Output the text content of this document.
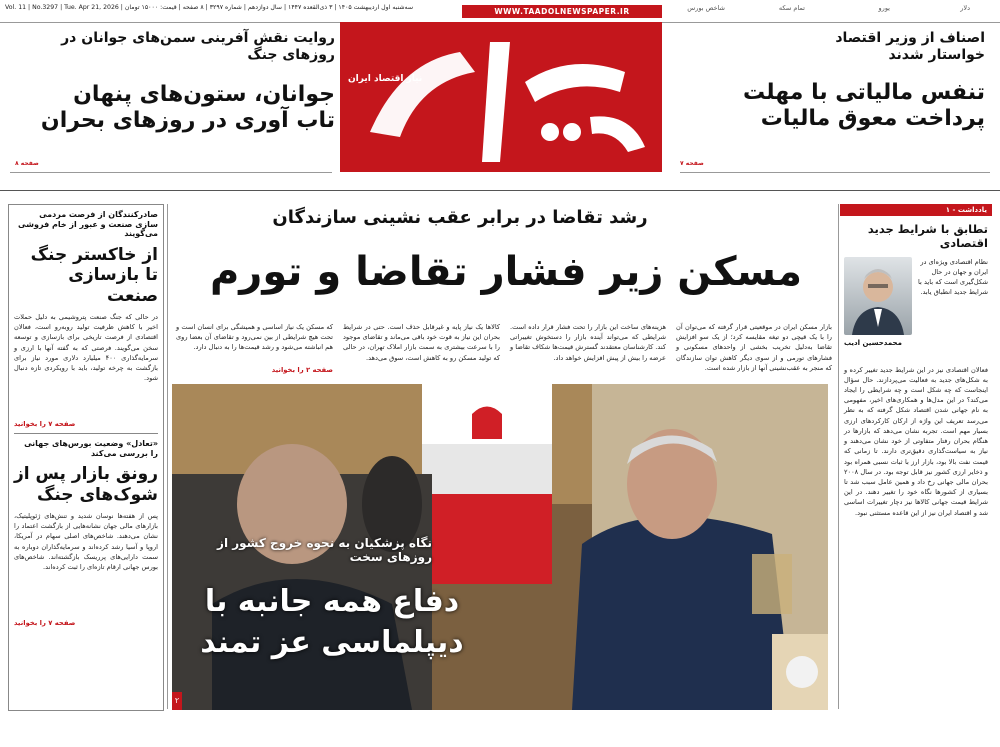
دلار
یورو
تمام سکه
شاخص بورس
Vol. 11 | No.3297 | Tue. Apr 21, 2026 | سه‌شنبه اول اردیبهشت ۱۴۰۵ | ۳ ذی‌القعده ۱۴۴۷ | سال دوازدهم | شماره ۳۲۹۷ | ۸ صفحه | قیمت: ۱۵۰۰۰ تومان	WWW.TAADOLNEWSPAPER.IR
نیاز اقتصاد ایران
اصناف از وزیر اقتصاد خواستار شدند
تنفس مالیاتی با مهلت پرداخت معوق مالیات
صفحه ۷
روایت نقش آفرینی سمن‌های جوانان در روزهای جنگ
جوانان، ستون‌های پنهان تاب آوری در روزهای بحران
صفحه ۸
یادداشت - ۱
تطابق با شرایط جدید اقتصادی
نظام اقتصادی ویژه‌ای در ایران و جهان در حال شکل‌گیری است که باید با شرایط جدید انطباق یابد.
محمدحسین ادیب
فعالان اقتصادی نیز در این شرایط جدید تغییر کرده و به شکل‌های جدید به فعالیت می‌پردازند. حال سؤال اینجاست که چه شکل است و چه شرایطی را ایجاد می‌کند؟ در این مدل‌ها و همکاری‌های اخیر، مفهومی به نام جهانی شدن اقتصاد شکل گرفته که به نظر می‌رسد تعریف این واژه از ارکان کارکردهای ارزی بسیار مهم است. تجربه نشان می‌دهد که بازارها در هنگام بحران رفتار متفاوتی از خود نشان می‌دهند و نیاز به سیاست‌گذاری دقیق‌تری دارند. تا زمانی که قیمت نفت بالا بود، بازار ارز با ثبات نسبی همراه بود و ذخایر ارزی کشور نیز قابل توجه بود. در سال ۲۰۰۸ بحران مالی جهانی رخ داد و همین عامل سبب شد تا بسیاری از کشورها نگاه خود را تغییر دهند. در این شرایط قیمت جهانی کالاها نیز دچار تغییرات اساسی شد و اقتصاد ایران نیز از این قاعده مستثنی نبود.
رشد تقاضا در برابر عقب نشینی سازندگان
مسکن زیر فشار تقاضا و تورم
بازار مسکن ایران در موقعیتی قرار گرفته که می‌توان آن را با یک قیچی دو تیغه مقایسه کرد؛ از یک سو افزایش تقاضا به‌دلیل تخریب بخشی از واحدهای مسکونی و فشارهای تورمی و از سوی دیگر کاهش توان سازندگان که منجر به عقب‌نشینی آنها از بازار شده است.
هزینه‌های ساخت این بازار را تحت فشار قرار داده است. شرایطی که می‌تواند آینده بازار را دستخوش تغییراتی کند. کارشناسان معتقدند گسترش قیمت‌ها شکاف تقاضا و عرضه را بیش از پیش افزایش خواهد داد.
کالاها یک نیاز پایه و غیرقابل حذف است. حتی در شرایط بحران این نیاز به قوت خود باقی می‌ماند و تقاضای موجود را با سرعت بیشتری به سمت بازار املاک تهران، در حالی که تولید مسکن رو به کاهش است، سوق می‌دهد.
که مسکن یک نیاز اساسی و همیشگی برای انسان است و تحت هیچ شرایطی از بین نمی‌رود و تقاضای آن بعضا روی هم انباشته می‌شود و رشد قیمت‌ها را به دنبال دارد.
صفحه ۲ را بخوانید
نگاه پزشکیان به نحوه خروج کشور از روزهای سخت
دفاع همه جانبه با دیپلماسی عز تمند
۲
صادرکنندگان از فرصت مردمی سازی صنعت و عبور از خام فروشی می‌گویند
از خاکستر جنگ تا بازسازی صنعت
در حالی که جنگ صنعت پتروشیمی به دلیل حملات اخیر با کاهش ظرفیت تولید روبه‌رو است، فعالان اقتصادی از فرصت تاریخی برای بازسازی و توسعه سخن می‌گویند. فرصتی که به گفته آنها با ارزی و سرمایه‌گذاری ۴۰۰ میلیارد دلاری مورد نیاز برای بازگشت به چرخه تولید، باید با رویکردی تازه دنبال شود.
صفحه ۷ را بخوانید
«تعادل» وضعیت بورس‌های جهانی را بررسی می‌کند
رونق بازار پس از شوک‌های جنگ
پس از هفته‌ها نوسان شدید و تنش‌های ژئوپلیتیک، بازارهای مالی جهان نشانه‌هایی از بازگشت اعتماد را نشان می‌دهند. شاخص‌های اصلی سهام در آمریکا، اروپا و آسیا رشد کرده‌اند و سرمایه‌گذاران دوباره به سمت دارایی‌های پرریسک بازگشته‌اند. شاخص‌های بورس جهانی ارقام تازه‌ای را ثبت کرده‌اند.
صفحه ۷ را بخوانید
